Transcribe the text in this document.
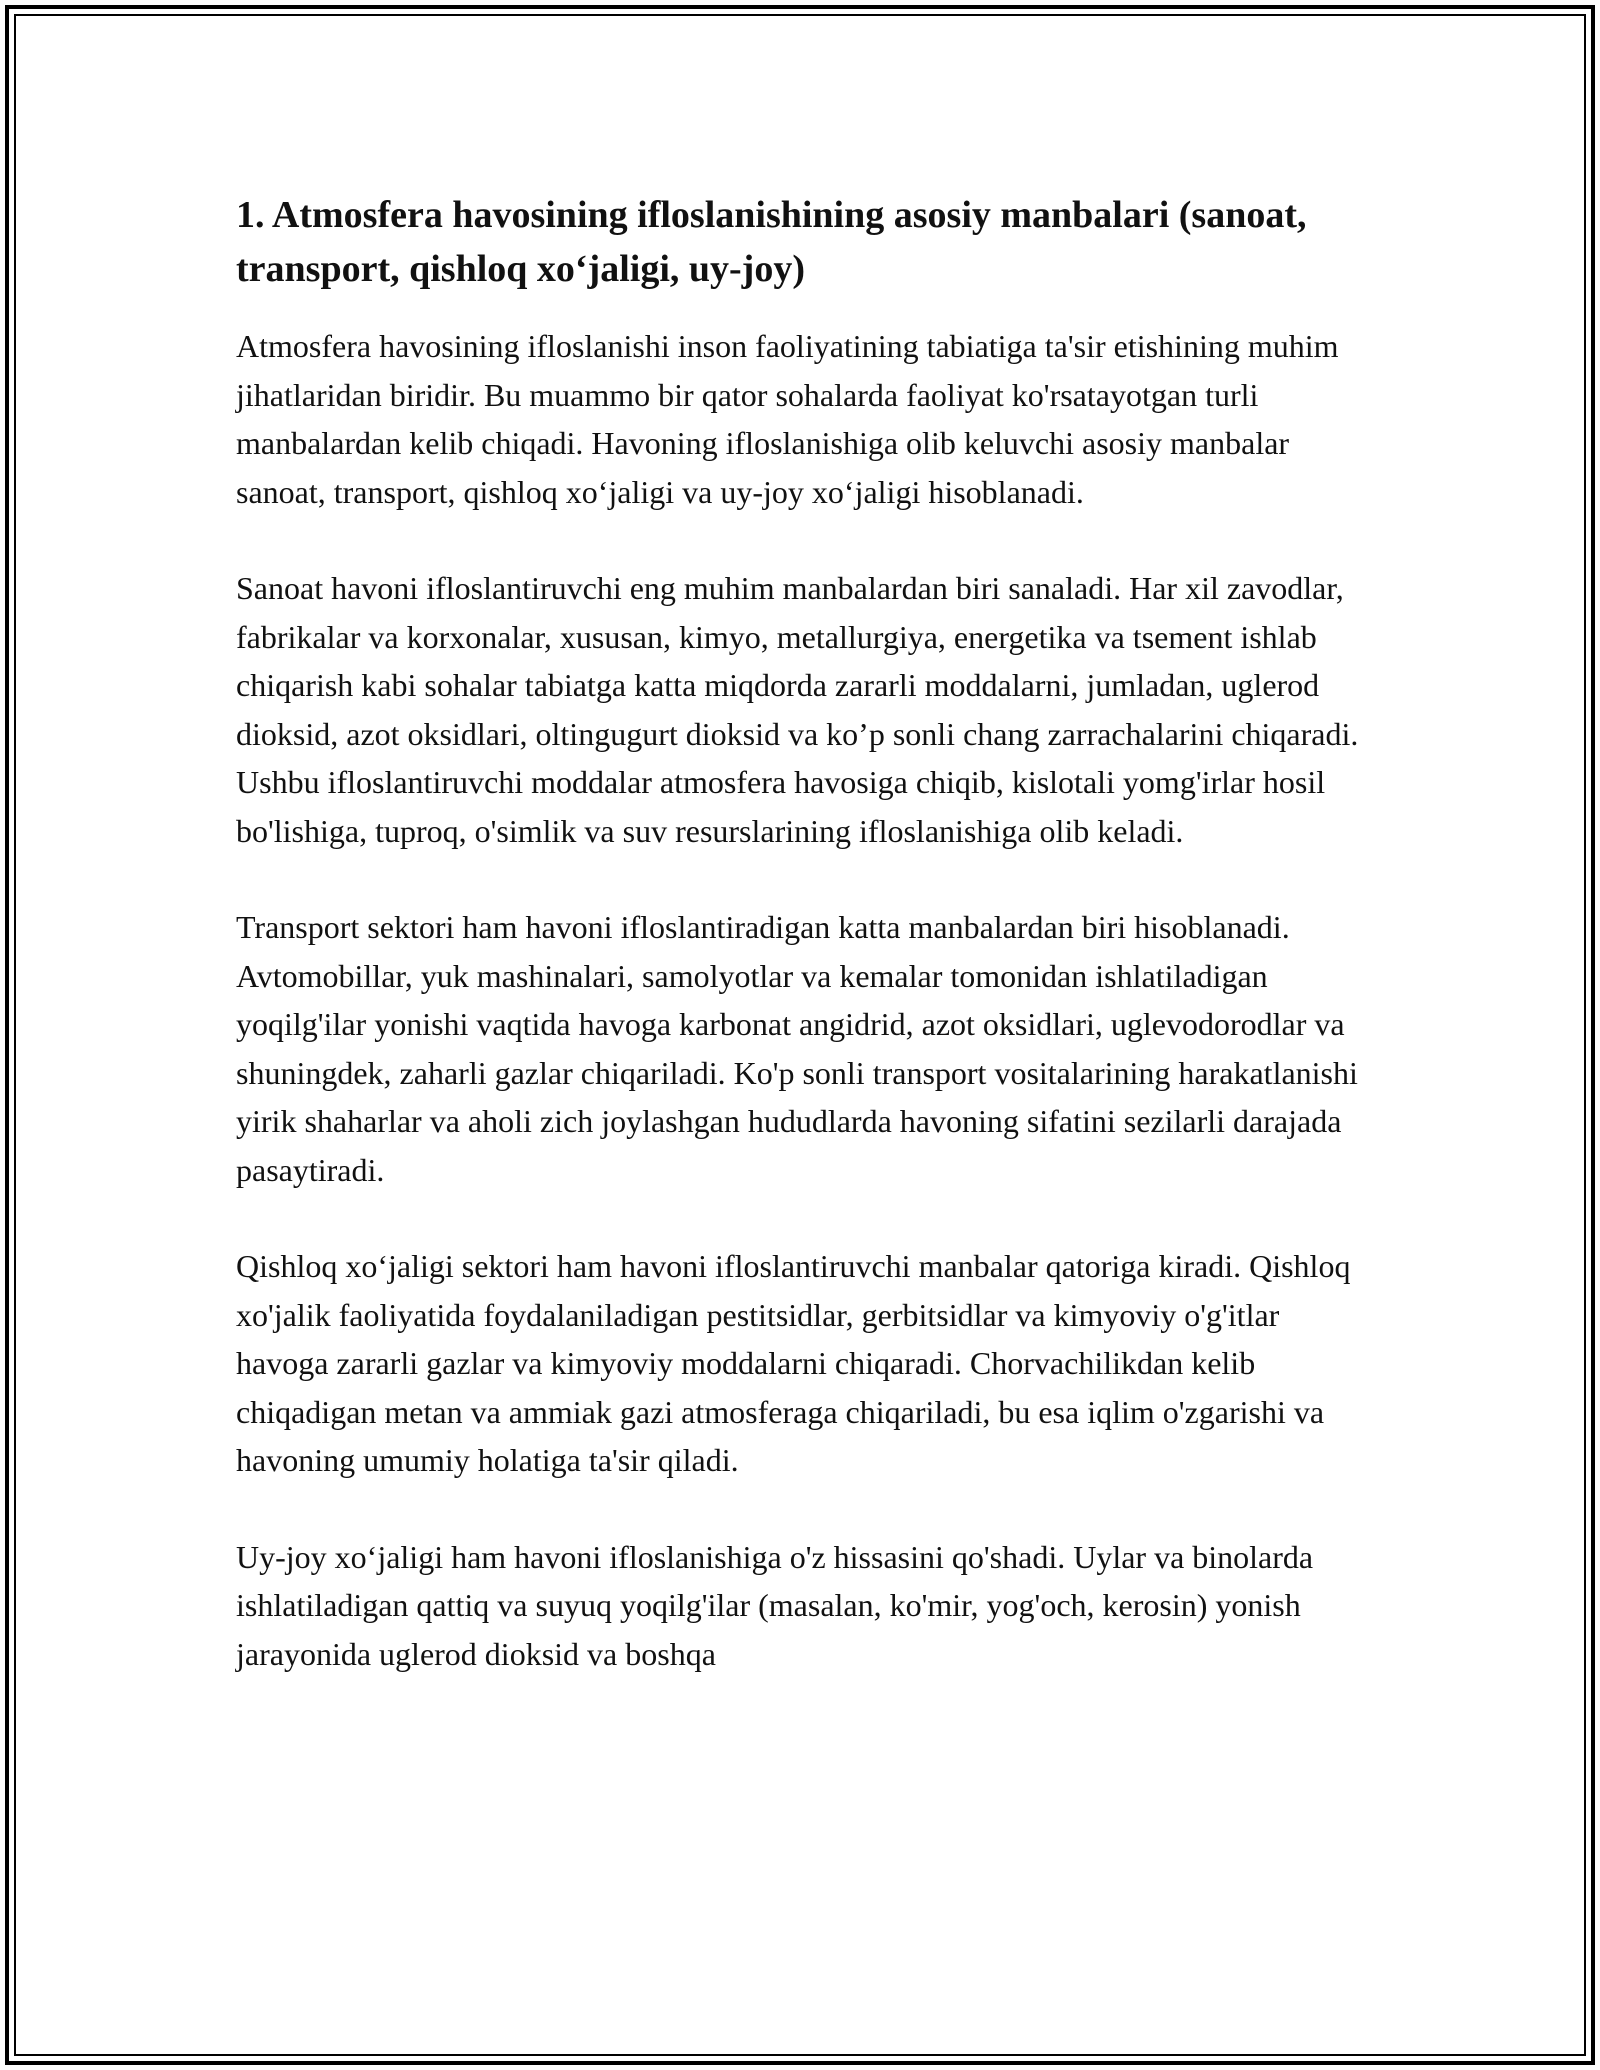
1. Atmosfera havosining ifloslanishining asosiy manbalari (sanoat, transport, qishloq xo‘jaligi, uy-joy)

Atmosfera havosining ifloslanishi inson faoliyatining tabiatiga ta'sir etishining muhim jihatlaridan biridir. Bu muammo bir qator sohalarda faoliyat ko'rsatayotgan turli manbalardan kelib chiqadi. Havoning ifloslanishiga olib keluvchi asosiy manbalar sanoat, transport, qishloq xo‘jaligi va uy-joy xo‘jaligi hisoblanadi.

Sanoat havoni ifloslantiruvchi eng muhim manbalardan biri sanaladi. Har xil zavodlar, fabrikalar va korxonalar, xususan, kimyo, metallurgiya, energetika va tsement ishlab chiqarish kabi sohalar tabiatga katta miqdorda zararli moddalarni, jumladan, uglerod dioksid, azot oksidlari, oltingugurt dioksid va ko’p sonli chang zarrachalarini chiqaradi. Ushbu ifloslantiruvchi moddalar atmosfera havosiga chiqib, kislotali yomg'irlar hosil bo'lishiga, tuproq, o'simlik va suv resurslarining ifloslanishiga olib keladi.

Transport sektori ham havoni ifloslantiradigan katta manbalardan biri hisoblanadi. Avtomobillar, yuk mashinalari, samolyotlar va kemalar tomonidan ishlatiladigan yoqilg'ilar yonishi vaqtida havoga karbonat angidrid, azot oksidlari, uglevodorodlar va shuningdek, zaharli gazlar chiqariladi. Ko'p sonli transport vositalarining harakatlanishi yirik shaharlar va aholi zich joylashgan hududlarda havoning sifatini sezilarli darajada pasaytiradi.

Qishloq xo‘jaligi sektori ham havoni ifloslantiruvchi manbalar qatoriga kiradi. Qishloq xo'jalik faoliyatida foydalaniladigan pestitsidlar, gerbitsidlar va kimyoviy o'g'itlar havoga zararli gazlar va kimyoviy moddalarni chiqaradi. Chorvachilikdan kelib chiqadigan metan va ammiak gazi atmosferaga chiqariladi, bu esa iqlim o'zgarishi va havoning umumiy holatiga ta'sir qiladi.

Uy-joy xo‘jaligi ham havoni ifloslanishiga o'z hissasini qo'shadi. Uylar va binolarda ishlatiladigan qattiq va suyuq yoqilg'ilar (masalan, ko'mir, yog'och, kerosin) yonish jarayonida uglerod dioksid va boshqa
